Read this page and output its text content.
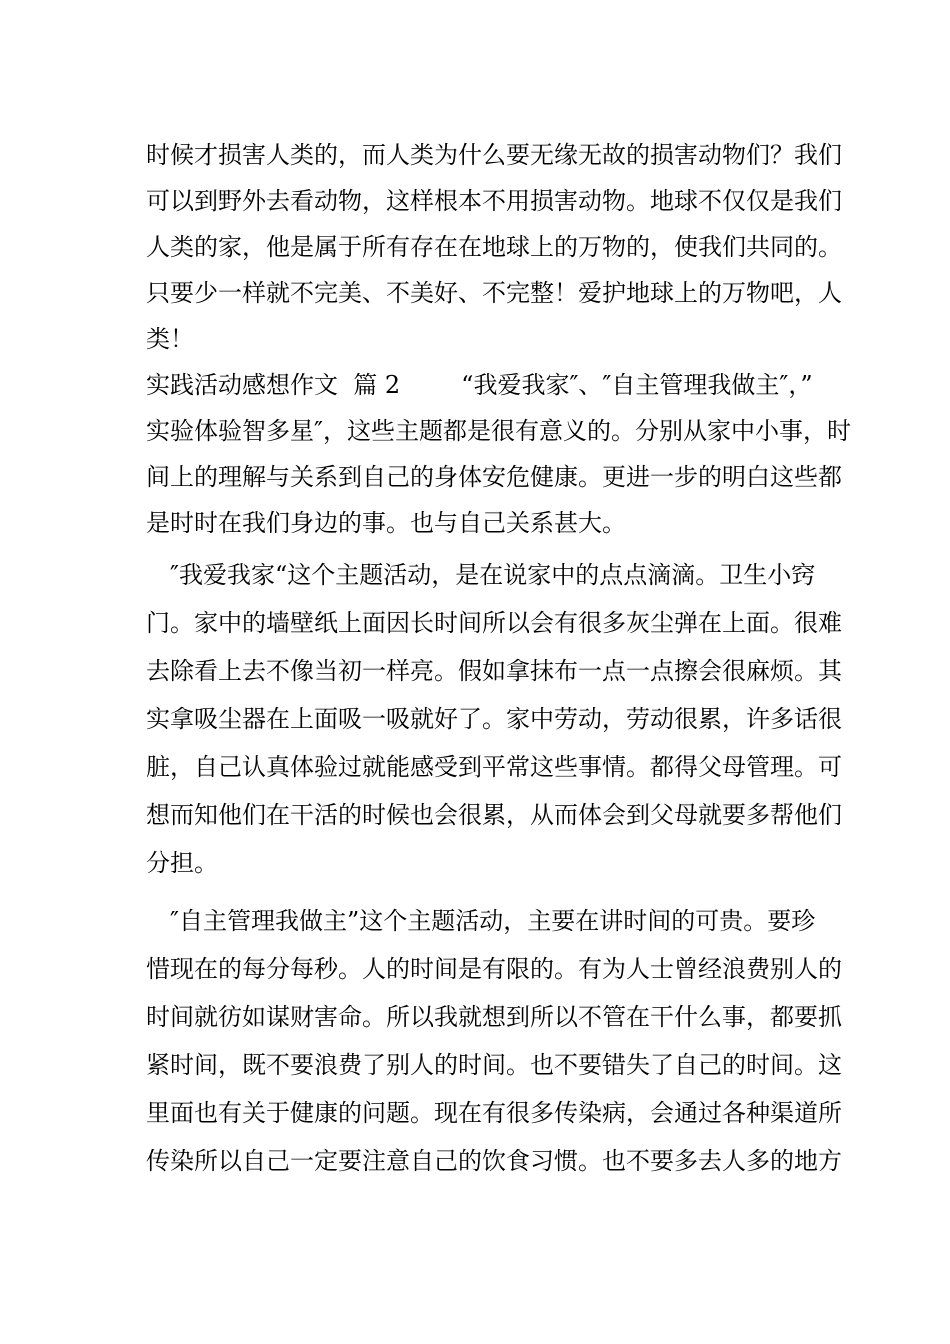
时候才损害人类的，而人类为什么要无缘无故的损害动物们？我们
可以到野外去看动物，这样根本不用损害动物。地球不仅仅是我们
人类的家，他是属于所有存在在地球上的万物的，使我们共同的。
只要少一样就不完美、不美好、不完整！爱护地球上的万物吧，人
类！
实践活动感想作文  篇 2        “我爱我家″、″自主管理我做主″，”
实验体验智多星″，这些主题都是很有意义的。分别从家中小事，时
间上的理解与关系到自己的身体安危健康。更进一步的明白这些都
是时时在我们身边的事。也与自己关系甚大。
″我爱我家“这个主题活动，是在说家中的点点滴滴。卫生小窍
门。家中的墙壁纸上面因长时间所以会有很多灰尘弹在上面。很难
去除看上去不像当初一样亮。假如拿抹布一点一点擦会很麻烦。其
实拿吸尘器在上面吸一吸就好了。家中劳动，劳动很累，许多话很
脏，自己认真体验过就能感受到平常这些事情。都得父母管理。可
想而知他们在干活的时候也会很累，从而体会到父母就要多帮他们
分担。
″自主管理我做主”这个主题活动，主要在讲时间的可贵。要珍
惜现在的每分每秒。人的时间是有限的。有为人士曾经浪费别人的
时间就彷如谋财害命。所以我就想到所以不管在干什么事，都要抓
紧时间，既不要浪费了别人的时间。也不要错失了自己的时间。这
里面也有关于健康的问题。现在有很多传染病，会通过各种渠道所
传染所以自己一定要注意自己的饮食习惯。也不要多去人多的地方
